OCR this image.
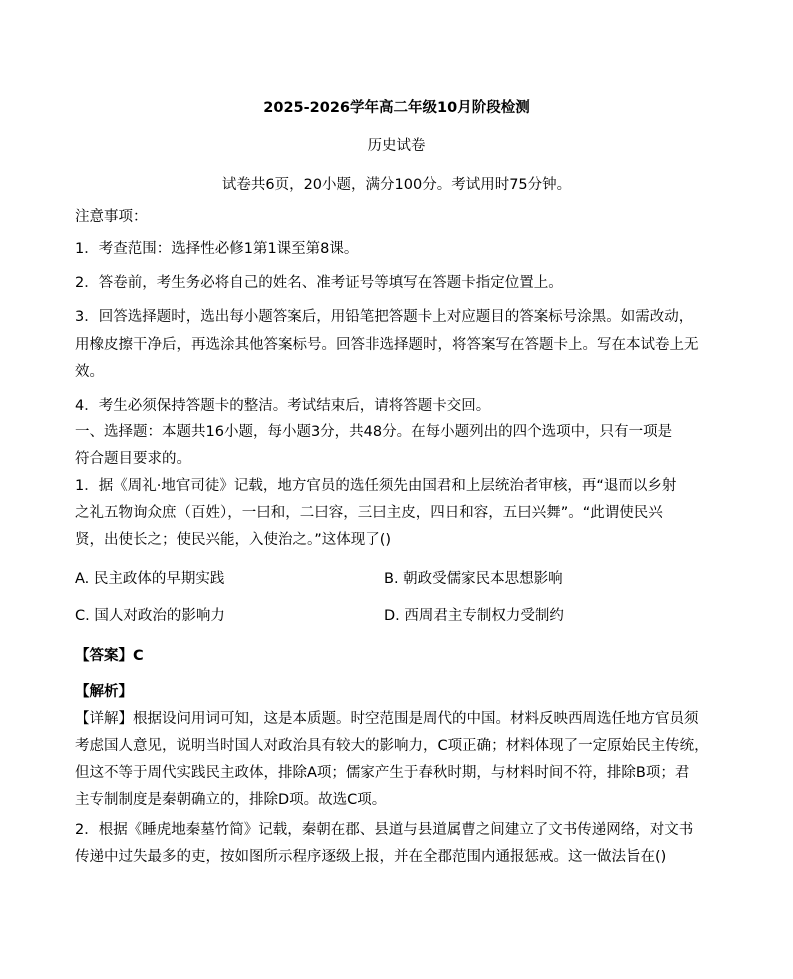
2025-2026学年高二年级10月阶段检测
历史试卷
试卷共6页，20小题，满分100分。考试用时75分钟。
注意事项：
1．考查范围：选择性必修1第1课至第8课。
2．答卷前，考生务必将自己的姓名、准考证号等填写在答题卡指定位置上。
3．回答选择题时，选出每小题答案后，用铅笔把答题卡上对应题目的答案标号涂黑。如需改动，
用橡皮擦干净后，再选涂其他答案标号。回答非选择题时，将答案写在答题卡上。写在本试卷上无
效。
4．考生必须保持答题卡的整洁。考试结束后，请将答题卡交回。
一、选择题：本题共16小题，每小题3分，共48分。在每小题列出的四个选项中，只有一项是
符合题目要求的。
1．据《周礼·地官司徒》记载，地方官员的选任须先由国君和上层统治者审核，再“退而以乡射
之礼五物询众庶（百姓），一曰和，二曰容，三曰主皮，四日和容，五曰兴舞”。“此谓使民兴
贤，出使长之；使民兴能，入使治之。”这体现了()
A. 民主政体的早期实践	B. 朝政受儒家民本思想影响
C. 国人对政治的影响力	D. 西周君主专制权力受制约
【答案】C
【解析】
【详解】根据设问用词可知，这是本质题。时空范围是周代的中国。材料反映西周选任地方官员须
考虑国人意见，说明当时国人对政治具有较大的影响力，C项正确；材料体现了一定原始民主传统，
但这不等于周代实践民主政体，排除A项；儒家产生于春秋时期，与材料时间不符，排除B项；君
主专制制度是秦朝确立的，排除D项。故选C项。
2．根据《睡虎地秦墓竹简》记载，秦朝在郡、县道与县道属曹之间建立了文书传递网络，对文书
传递中过失最多的吏，按如图所示程序逐级上报，并在全郡范围内通报惩戒。这一做法旨在()
